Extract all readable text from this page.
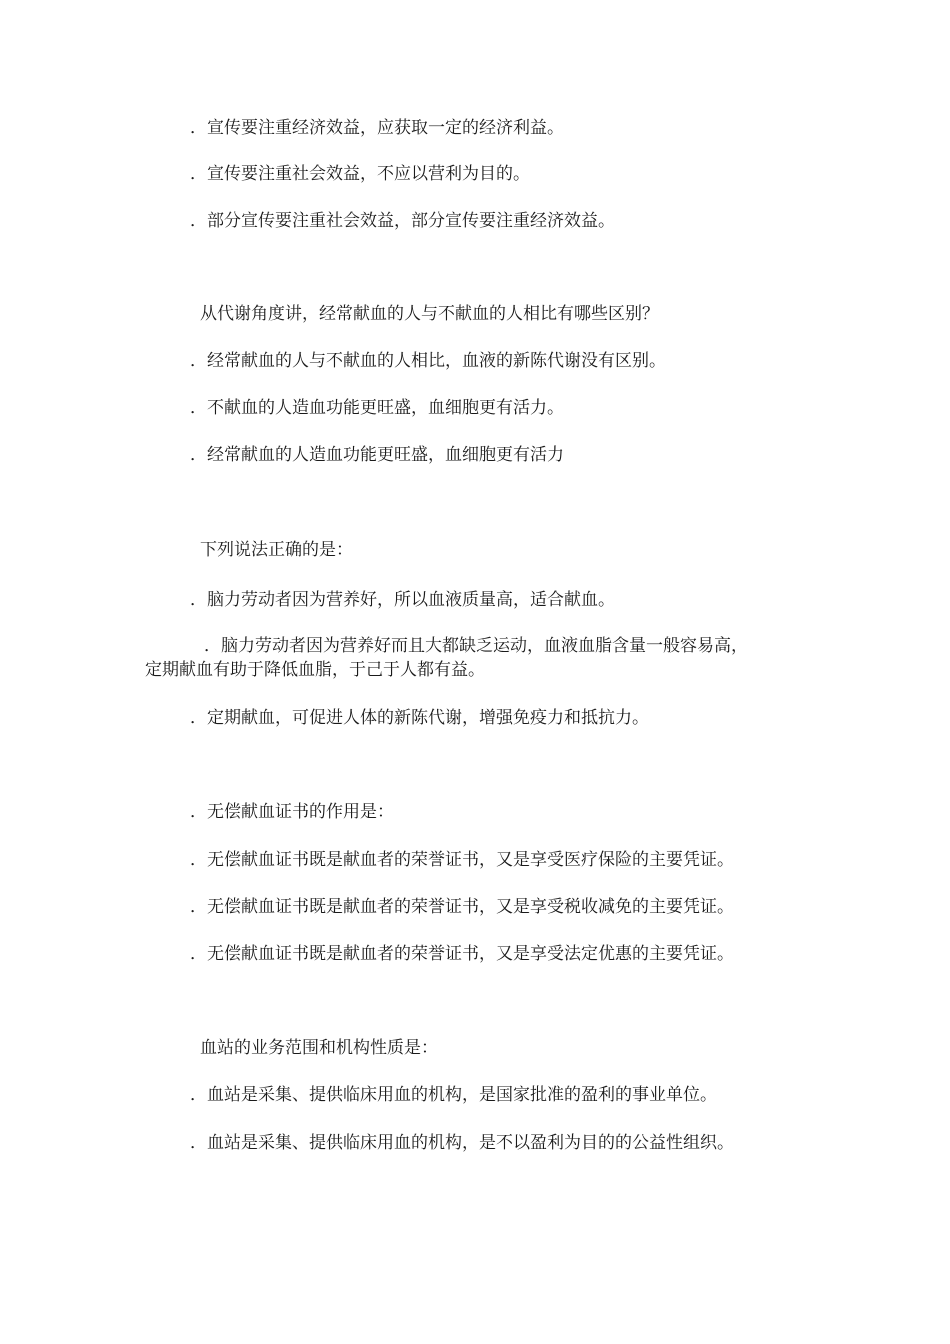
．宣传要注重经济效益，应获取一定的经济利益。
．宣传要注重社会效益，不应以营利为目的。
．部分宣传要注重社会效益，部分宣传要注重经济效益。
从代谢角度讲，经常献血的人与不献血的人相比有哪些区别？
．经常献血的人与不献血的人相比，血液的新陈代谢没有区别。
．不献血的人造血功能更旺盛，血细胞更有活力。
．经常献血的人造血功能更旺盛，血细胞更有活力
下列说法正确的是：
．脑力劳动者因为营养好，所以血液质量高，适合献血。
．脑力劳动者因为营养好而且大都缺乏运动，血液血脂含量一般容易高，
定期献血有助于降低血脂，于己于人都有益。
．定期献血，可促进人体的新陈代谢，增强免疫力和抵抗力。
．无偿献血证书的作用是：
．无偿献血证书既是献血者的荣誉证书，又是享受医疗保险的主要凭证。
．无偿献血证书既是献血者的荣誉证书，又是享受税收减免的主要凭证。
．无偿献血证书既是献血者的荣誉证书，又是享受法定优惠的主要凭证。
血站的业务范围和机构性质是：
．血站是采集、提供临床用血的机构，是国家批准的盈利的事业单位。
．血站是采集、提供临床用血的机构，是不以盈利为目的的公益性组织。
